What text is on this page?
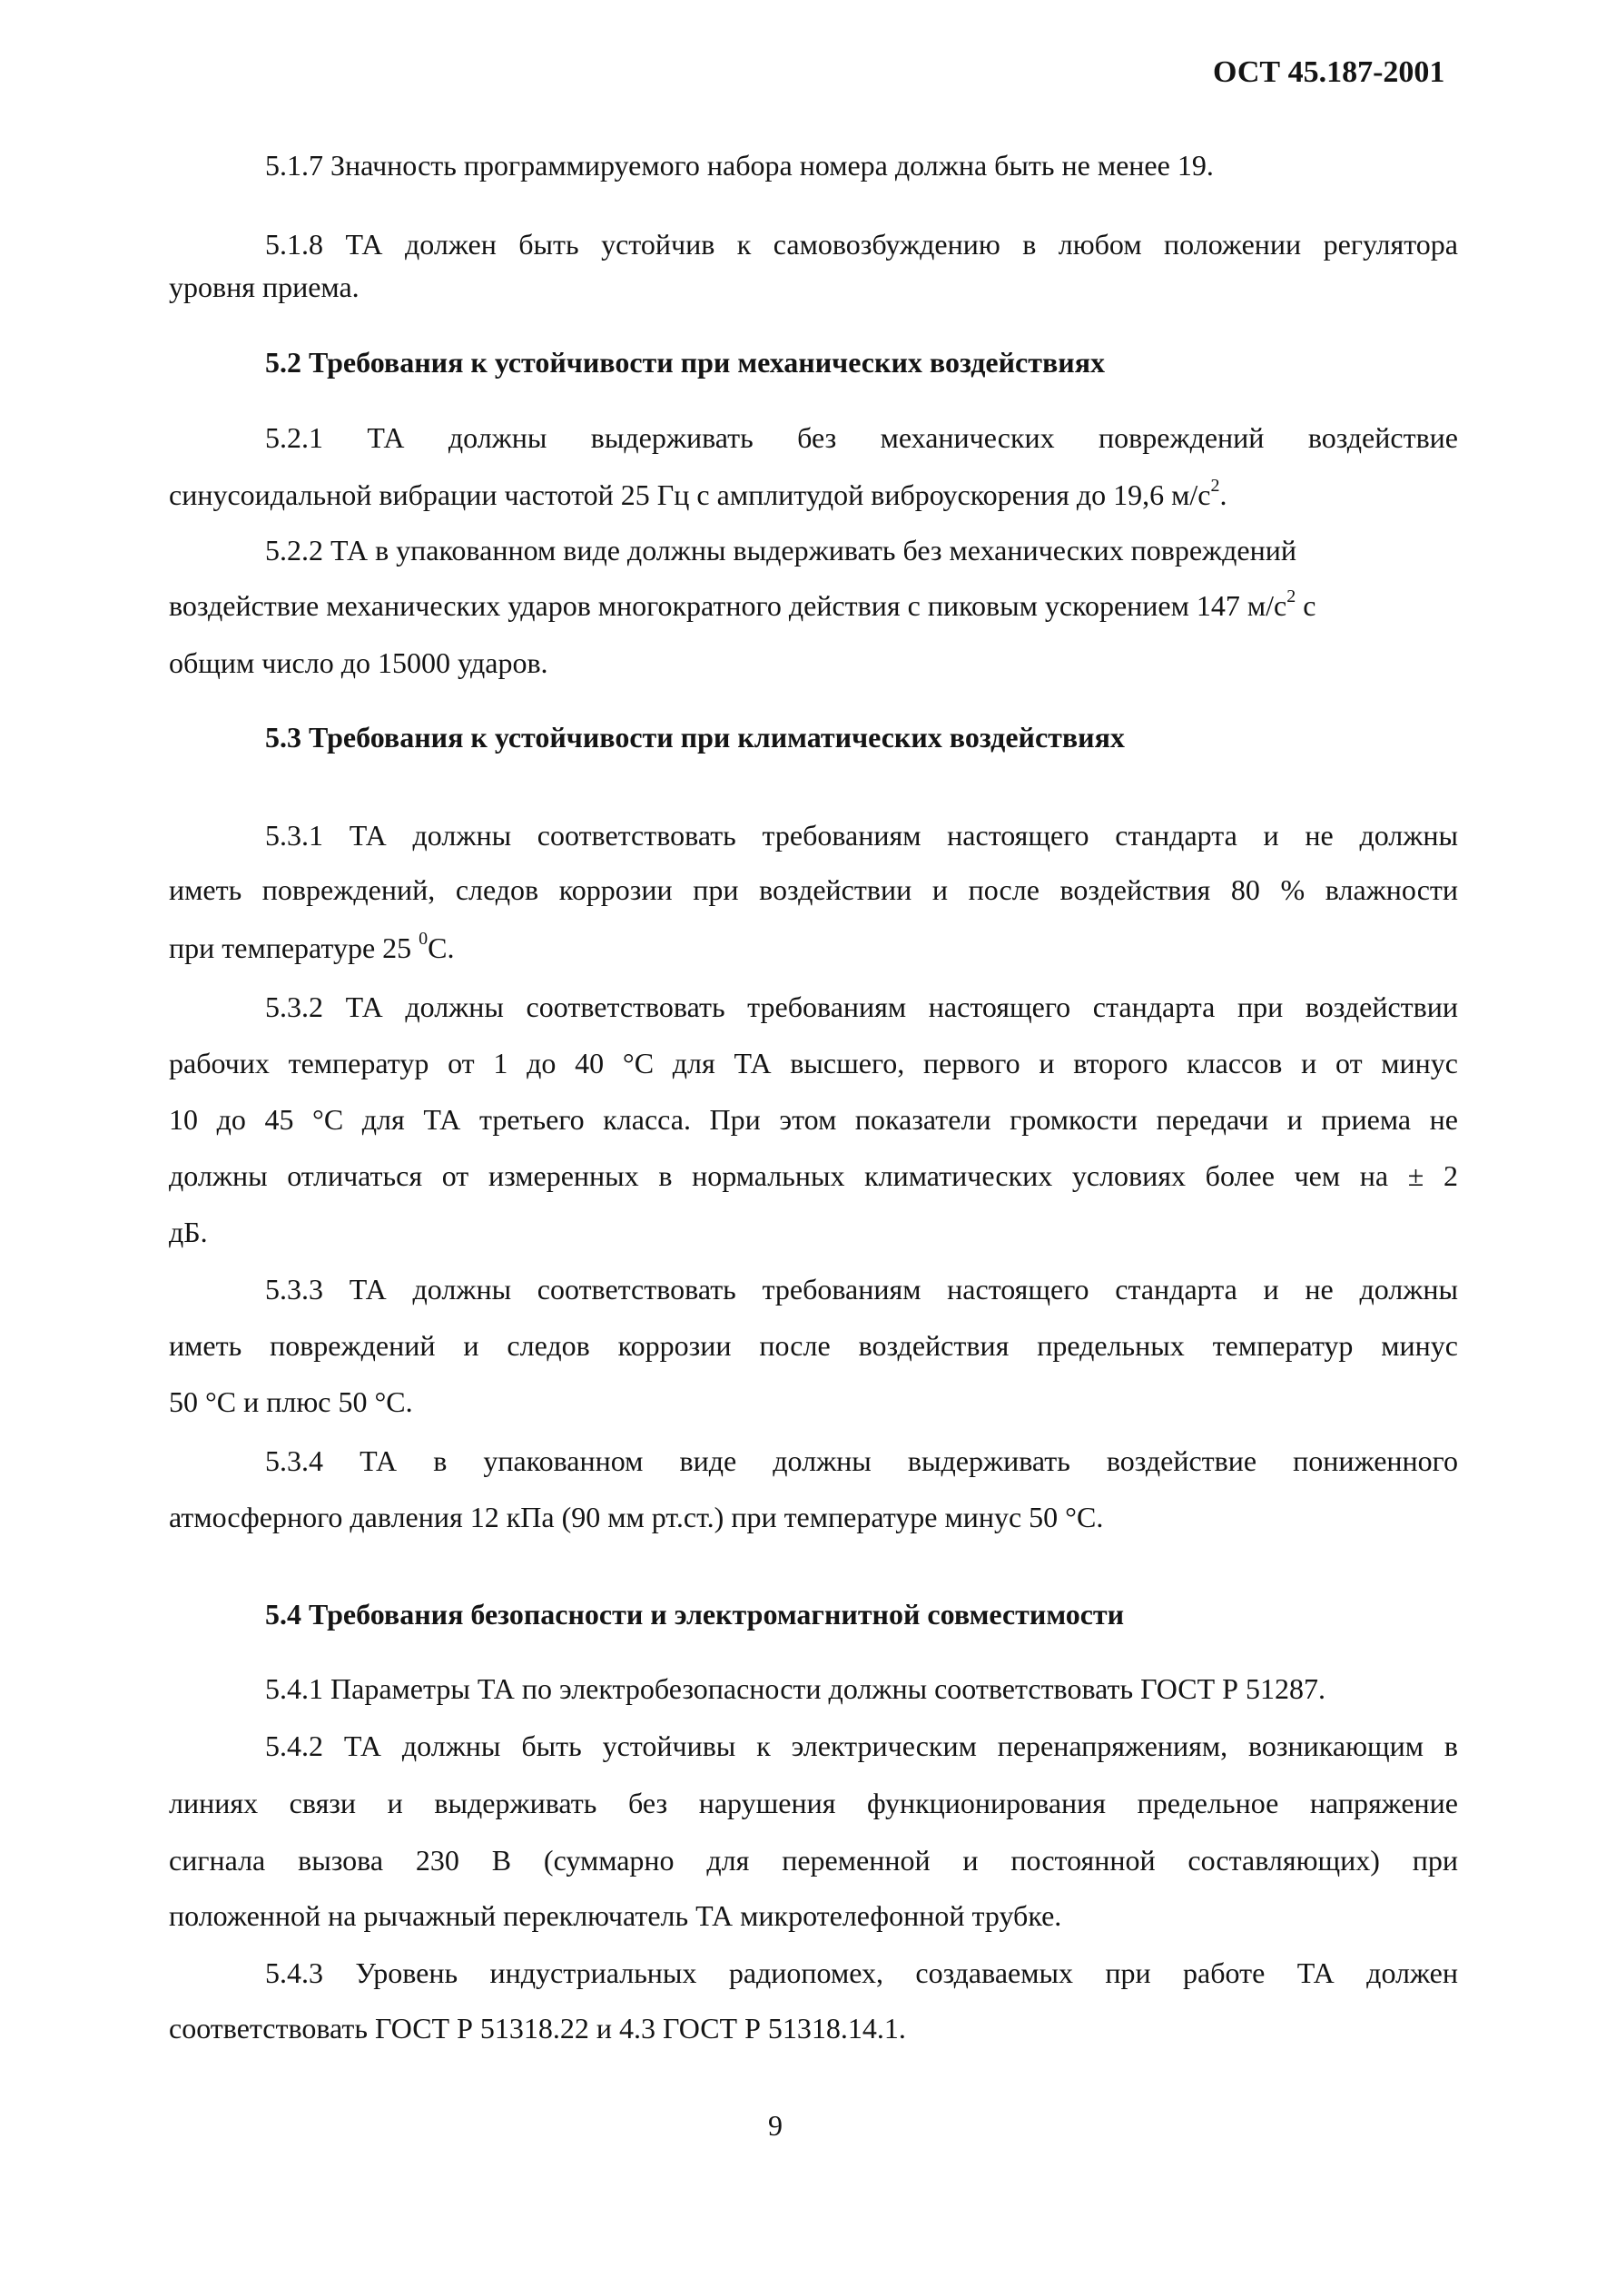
ОСТ 45.187-2001
5.1.7 Значность программируемого набора номера должна быть не менее 19.
5.1.8 ТА должен быть устойчив к самовозбуждению в любом положении регулятора
уровня приема.
5.2 Требования к устойчивости при механических воздействиях
5.2.1 ТА должны выдерживать без механических повреждений воздействие
синусоидальной вибрации частотой 25 Гц с амплитудой виброускорения до 19,6 $м/с^2$.
5.2.2 ТА в упакованном виде должны выдерживать без механических повреждений
воздействие механических ударов многократного действия с пиковым ускорением 147 $м/с^2$ с
общим число до 15000 ударов.
5.3 Требования к устойчивости при климатических воздействиях
5.3.1 ТА должны соответствовать требованиям настоящего стандарта и не должны
иметь повреждений, следов коррозии при воздействии и после воздействия 80 % влажности
при температуре 25 $^0$С.
5.3.2 ТА должны соответствовать требованиям настоящего стандарта при воздействии
рабочих температур от 1 до 40 °С для ТА высшего, первого и второго классов и от минус
10 до 45 °С для ТА третьего класса. При этом показатели громкости передачи и приема не
должны отличаться от измеренных в нормальных климатических условиях более чем на ± 2
дБ.
5.3.3 ТА должны соответствовать требованиям настоящего стандарта и не должны
иметь повреждений и следов коррозии после воздействия предельных температур минус
50 °С и плюс 50 °С.
5.3.4 ТА в упакованном виде должны выдерживать воздействие пониженного
атмосферного давления 12 кПа (90 мм рт.ст.) при температуре минус 50 °С.
5.4 Требования безопасности и электромагнитной совместимости
5.4.1 Параметры ТА по электробезопасности должны соответствовать ГОСТ Р 51287.
5.4.2 ТА должны быть устойчивы к электрическим перенапряжениям, возникающим в
линиях связи и выдерживать без нарушения функционирования предельное напряжение
сигнала вызова 230 В (суммарно для переменной и постоянной составляющих) при
положенной на рычажный переключатель ТА микротелефонной трубке.
5.4.3 Уровень индустриальных радиопомех, создаваемых при работе ТА должен
соответствовать ГОСТ Р 51318.22 и 4.3 ГОСТ Р 51318.14.1.
9
